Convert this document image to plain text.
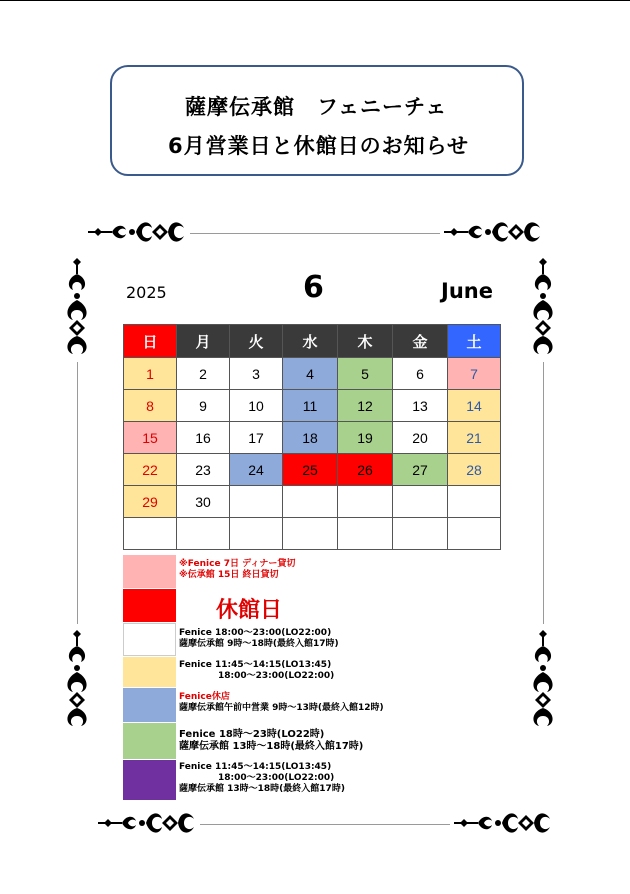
薩摩伝承館　フェニーチェ
6月営業日と休館日のお知らせ
2025	6	June
日	月	火	水	木	金	土
1	2	3	4	5	6	7
8	9	10	11	12	13	14
15	16	17	18	19	20	21
22	23	24	25	26	27	28
29	30					

※Fenice 7日 ディナー貸切
※伝承館 15日 終日貸切
休館日
Fenice 18:00～23:00(LO22:00)
薩摩伝承館 9時～18時(最終入館17時)
Fenice 11:45～14:15(LO13:45)
18:00～23:00(LO22:00)
Fenice休店
薩摩伝承館午前中営業 9時～13時(最終入館12時)
Fenice 18時～23時(LO22時)
薩摩伝承館 13時～18時(最終入館17時)
Fenice 11:45～14:15(LO13:45)
18:00～23:00(LO22:00)
薩摩伝承館 13時～18時(最終入館17時)
